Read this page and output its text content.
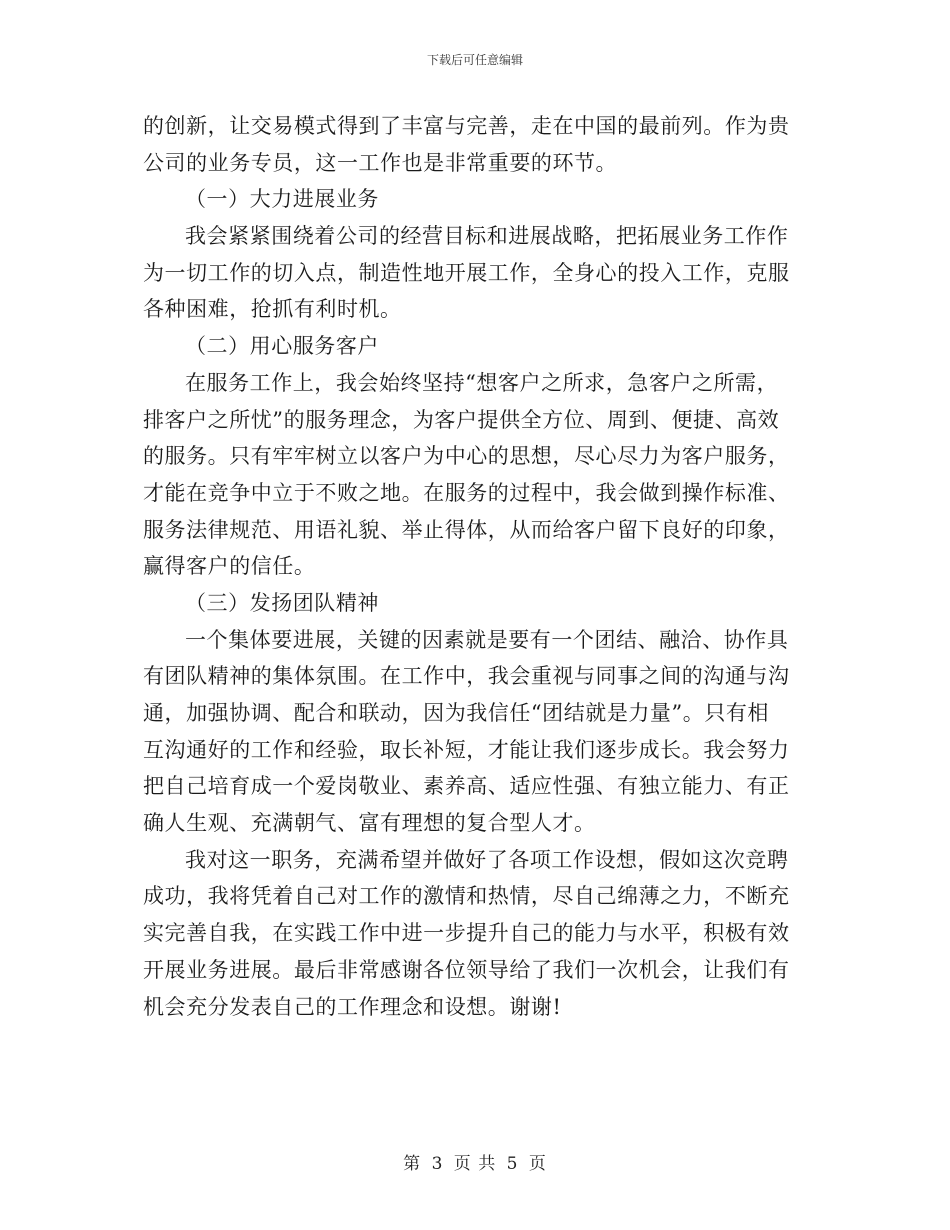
下载后可任意编辑
的创新，让交易模式得到了丰富与完善，走在中国的最前列。作为贵
公司的业务专员，这一工作也是非常重要的环节。
（一）大力进展业务
我会紧紧围绕着公司的经营目标和进展战略，把拓展业务工作作
为一切工作的切入点，制造性地开展工作，全身心的投入工作，克服
各种困难，抢抓有利时机。
（二）用心服务客户
在服务工作上，我会始终坚持“想客户之所求，急客户之所需，
排客户之所忧”的服务理念，为客户提供全方位、周到、便捷、高效
的服务。只有牢牢树立以客户为中心的思想，尽心尽力为客户服务，
才能在竞争中立于不败之地。在服务的过程中，我会做到操作标准、
服务法律规范、用语礼貌、举止得体，从而给客户留下良好的印象，
赢得客户的信任。
（三）发扬团队精神
一个集体要进展，关键的因素就是要有一个团结、融洽、协作具
有团队精神的集体氛围。在工作中，我会重视与同事之间的沟通与沟
通，加强协调、配合和联动，因为我信任“团结就是力量”。只有相
互沟通好的工作和经验，取长补短，才能让我们逐步成长。我会努力
把自己培育成一个爱岗敬业、素养高、适应性强、有独立能力、有正
确人生观、充满朝气、富有理想的复合型人才。
我对这一职务，充满希望并做好了各项工作设想，假如这次竞聘
成功，我将凭着自己对工作的激情和热情，尽自己绵薄之力，不断充
实完善自我，在实践工作中进一步提升自己的能力与水平，积极有效
开展业务进展。最后非常感谢各位领导给了我们一次机会，让我们有
机会充分发表自己的工作理念和设想。谢谢!
第 3 页 共 5 页
